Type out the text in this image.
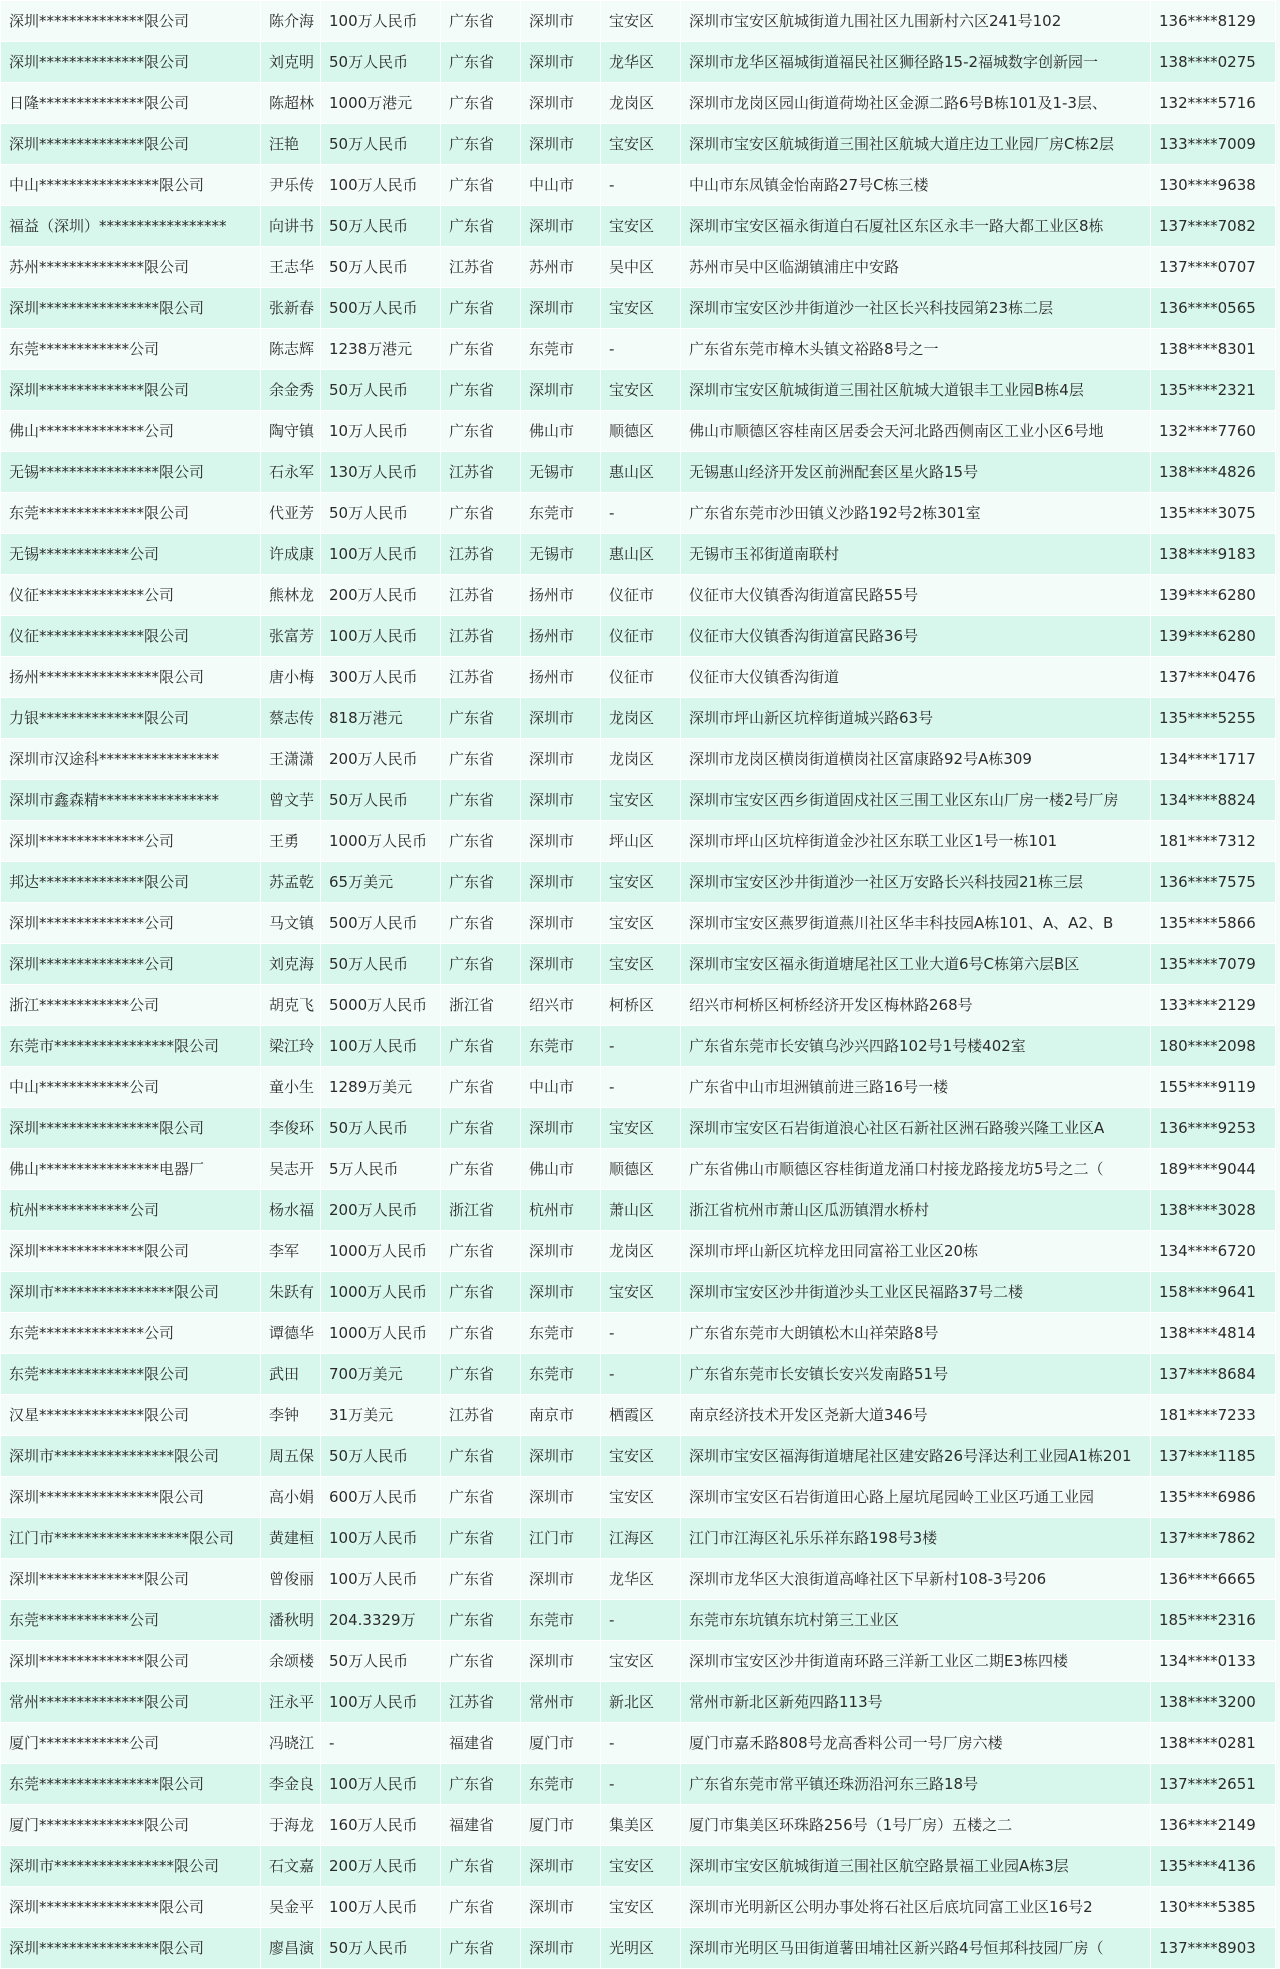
深圳**************限公司	陈介海	100万人民币	广东省	深圳市	宝安区	深圳市宝安区航城街道九围社区九围新村六区241号102	136****8129
深圳**************限公司	刘克明	50万人民币	广东省	深圳市	龙华区	深圳市龙华区福城街道福民社区狮径路15-2福城数字创新园一	138****0275
日隆**************限公司	陈超林	1000万港元	广东省	深圳市	龙岗区	深圳市龙岗区园山街道荷坳社区金源二路6号B栋101及1-3层、	132****5716
深圳**************限公司	汪艳	50万人民币	广东省	深圳市	宝安区	深圳市宝安区航城街道三围社区航城大道庄边工业园厂房C栋2层	133****7009
中山****************限公司	尹乐传	100万人民币	广东省	中山市	-	中山市东凤镇金怡南路27号C栋三楼	130****9638
福益（深圳）*****************	向讲书	50万人民币	广东省	深圳市	宝安区	深圳市宝安区福永街道白石厦社区东区永丰一路大都工业区8栋	137****7082
苏州**************限公司	王志华	50万人民币	江苏省	苏州市	吴中区	苏州市吴中区临湖镇浦庄中安路	137****0707
深圳****************限公司	张新春	500万人民币	广东省	深圳市	宝安区	深圳市宝安区沙井街道沙一社区长兴科技园第23栋二层	136****0565
东莞************公司	陈志辉	1238万港元	广东省	东莞市	-	广东省东莞市樟木头镇文裕路8号之一	138****8301
深圳**************限公司	余金秀	50万人民币	广东省	深圳市	宝安区	深圳市宝安区航城街道三围社区航城大道银丰工业园B栋4层	135****2321
佛山**************公司	陶守镇	10万人民币	广东省	佛山市	顺德区	佛山市顺德区容桂南区居委会天河北路西侧南区工业小区6号地	132****7760
无锡****************限公司	石永军	130万人民币	江苏省	无锡市	惠山区	无锡惠山经济开发区前洲配套区星火路15号	138****4826
东莞**************限公司	代亚芳	50万人民币	广东省	东莞市	-	广东省东莞市沙田镇义沙路192号2栋301室	135****3075
无锡************公司	许成康	100万人民币	江苏省	无锡市	惠山区	无锡市玉祁街道南联村	138****9183
仪征**************公司	熊林龙	200万人民币	江苏省	扬州市	仪征市	仪征市大仪镇香沟街道富民路55号	139****6280
仪征**************限公司	张富芳	100万人民币	江苏省	扬州市	仪征市	仪征市大仪镇香沟街道富民路36号	139****6280
扬州****************限公司	唐小梅	300万人民币	江苏省	扬州市	仪征市	仪征市大仪镇香沟街道	137****0476
力银**************限公司	蔡志传	818万港元	广东省	深圳市	龙岗区	深圳市坪山新区坑梓街道城兴路63号	135****5255
深圳市汉途科****************	王潇潇	200万人民币	广东省	深圳市	龙岗区	深圳市龙岗区横岗街道横岗社区富康路92号A栋309	134****1717
深圳市鑫森精****************	曾文芋	50万人民币	广东省	深圳市	宝安区	深圳市宝安区西乡街道固戍社区三围工业区东山厂房一楼2号厂房	134****8824
深圳**************公司	王勇	1000万人民币	广东省	深圳市	坪山区	深圳市坪山区坑梓街道金沙社区东联工业区1号一栋101	181****7312
邦达**************限公司	苏孟乾	65万美元	广东省	深圳市	宝安区	深圳市宝安区沙井街道沙一社区万安路长兴科技园21栋三层	136****7575
深圳**************公司	马文镇	500万人民币	广东省	深圳市	宝安区	深圳市宝安区燕罗街道燕川社区华丰科技园A栋101、A、A2、B	135****5866
深圳**************公司	刘克海	50万人民币	广东省	深圳市	宝安区	深圳市宝安区福永街道塘尾社区工业大道6号C栋第六层B区	135****7079
浙江************公司	胡克飞	5000万人民币	浙江省	绍兴市	柯桥区	绍兴市柯桥区柯桥经济开发区梅林路268号	133****2129
东莞市****************限公司	梁江玲	100万人民币	广东省	东莞市	-	广东省东莞市长安镇乌沙兴四路102号1号楼402室	180****2098
中山************公司	童小生	1289万美元	广东省	中山市	-	广东省中山市坦洲镇前进三路16号一楼	155****9119
深圳****************限公司	李俊环	50万人民币	广东省	深圳市	宝安区	深圳市宝安区石岩街道浪心社区石新社区洲石路骏兴隆工业区A	136****9253
佛山****************电器厂	吴志开	5万人民币	广东省	佛山市	顺德区	广东省佛山市顺德区容桂街道龙涌口村接龙路接龙坊5号之二（	189****9044
杭州************公司	杨水福	200万人民币	浙江省	杭州市	萧山区	浙江省杭州市萧山区瓜沥镇渭水桥村	138****3028
深圳**************限公司	李军	1000万人民币	广东省	深圳市	龙岗区	深圳市坪山新区坑梓龙田同富裕工业区20栋	134****6720
深圳市****************限公司	朱跃有	1000万人民币	广东省	深圳市	宝安区	深圳市宝安区沙井街道沙头工业区民福路37号二楼	158****9641
东莞**************公司	谭德华	1000万人民币	广东省	东莞市	-	广东省东莞市大朗镇松木山祥荣路8号	138****4814
东莞**************限公司	武田	700万美元	广东省	东莞市	-	广东省东莞市长安镇长安兴发南路51号	137****8684
汉星**************限公司	李钟	31万美元	江苏省	南京市	栖霞区	南京经济技术开发区尧新大道346号	181****7233
深圳市****************限公司	周五保	50万人民币	广东省	深圳市	宝安区	深圳市宝安区福海街道塘尾社区建安路26号泽达利工业园A1栋201	137****1185
深圳****************限公司	高小娟	600万人民币	广东省	深圳市	宝安区	深圳市宝安区石岩街道田心路上屋坑尾园岭工业区巧通工业园	135****6986
江门市******************限公司	黄建桓	100万人民币	广东省	江门市	江海区	江门市江海区礼乐乐祥东路198号3楼	137****7862
深圳**************限公司	曾俊丽	100万人民币	广东省	深圳市	龙华区	深圳市龙华区大浪街道高峰社区下早新村108-3号206	136****6665
东莞************公司	潘秋明	204.3329万	广东省	东莞市	-	东莞市东坑镇东坑村第三工业区	185****2316
深圳**************限公司	余颂楼	50万人民币	广东省	深圳市	宝安区	深圳市宝安区沙井街道南环路三洋新工业区二期E3栋四楼	134****0133
常州**************限公司	汪永平	100万人民币	江苏省	常州市	新北区	常州市新北区新苑四路113号	138****3200
厦门************公司	冯晓江	-	福建省	厦门市	-	厦门市嘉禾路808号龙高香料公司一号厂房六楼	138****0281
东莞****************限公司	李金良	100万人民币	广东省	东莞市	-	广东省东莞市常平镇还珠沥沿河东三路18号	137****2651
厦门**************限公司	于海龙	160万人民币	福建省	厦门市	集美区	厦门市集美区环珠路256号（1号厂房）五楼之二	136****2149
深圳市****************限公司	石文嘉	200万人民币	广东省	深圳市	宝安区	深圳市宝安区航城街道三围社区航空路景福工业园A栋3层	135****4136
深圳****************限公司	吴金平	100万人民币	广东省	深圳市	宝安区	深圳市光明新区公明办事处将石社区后底坑同富工业区16号2	130****5385
深圳****************限公司	廖昌演	50万人民币	广东省	深圳市	光明区	深圳市光明区马田街道薯田埔社区新兴路4号恒邦科技园厂房（	137****8903
